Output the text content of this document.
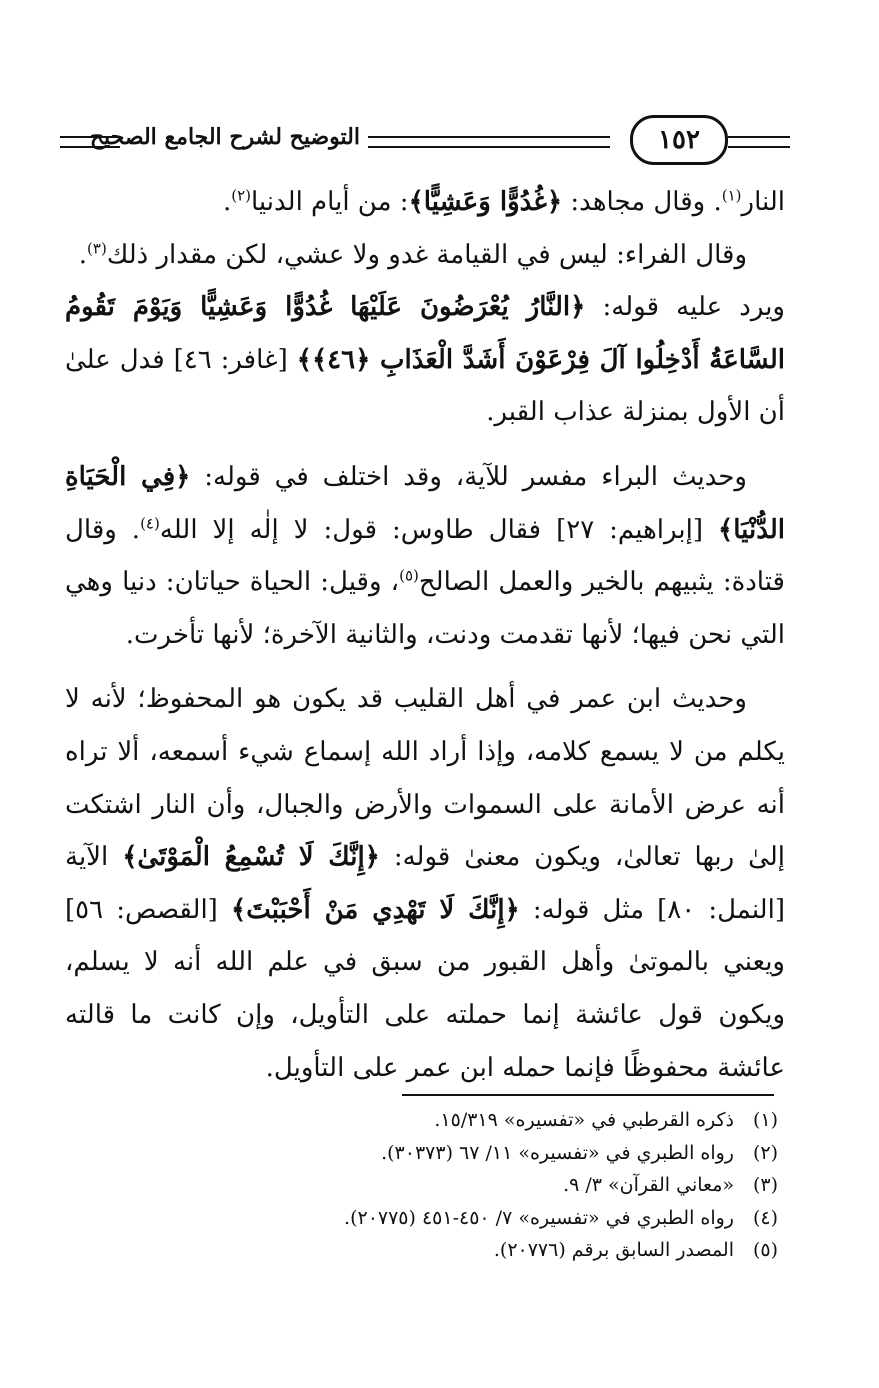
١٥٢
التوضيح لشرح الجامع الصحيح

النار$^{(١)}$. وقال مجاهد: ﴿غُدُوًّا وَعَشِيًّا﴾: من أيام الدنيا$^{(٢)}$.

وقال الفراء: ليس في القيامة غدو ولا عشي، لكن مقدار ذلك$^{(٣)}$.

ويرد عليه قوله: ﴿النَّارُ يُعْرَضُونَ عَلَيْهَا غُدُوًّا وَعَشِيًّا وَيَوْمَ تَقُومُ السَّاعَةُ أَدْخِلُوا آلَ فِرْعَوْنَ أَشَدَّ الْعَذَابِ ﴿٤٦﴾﴾ [غافر: ٤٦] فدل علىٰ أن الأول بمنزلة عذاب القبر.

وحديث البراء مفسر للآية، وقد اختلف في قوله: ﴿فِي الْحَيَاةِ الدُّنْيَا﴾ [إبراهيم: ٢٧] فقال طاوس: قول: لا إلٰه إلا الله$^{(٤)}$. وقال قتادة: يثبيهم بالخير والعمل الصالح$^{(٥)}$، وقيل: الحياة حياتان: دنيا وهي التي نحن فيها؛ لأنها تقدمت ودنت، والثانية الآخرة؛ لأنها تأخرت.

وحديث ابن عمر في أهل القليب قد يكون هو المحفوظ؛ لأنه لا يكلم من لا يسمع كلامه، وإذا أراد الله إسماع شيء أسمعه، ألا تراه أنه عرض الأمانة على السموات والأرض والجبال، وأن النار اشتكت إلىٰ ربها تعالىٰ، ويكون معنىٰ قوله: ﴿إِنَّكَ لَا تُسْمِعُ الْمَوْتَىٰ﴾ الآية [النمل: ٨٠] مثل قوله: ﴿إِنَّكَ لَا تَهْدِي مَنْ أَحْبَبْتَ﴾ [القصص: ٥٦] ويعني بالموتىٰ وأهل القبور من سبق في علم الله أنه لا يسلم، ويكون قول عائشة إنما حملته على التأويل، وإن كانت ما قالته عائشة محفوظًا فإنما حمله ابن عمر على التأويل.

(١)ذكره القرطبي في «تفسيره» ١٥/٣١٩.
(٢)رواه الطبري في «تفسيره» ١١/ ٦٧ (٣٠٣٧٣).
(٣)«معاني القرآن» ٣/ ٩.
(٤)رواه الطبري في «تفسيره» ٧/ ٤٥٠-٤٥١ (٢٠٧٧٥).
(٥)المصدر السابق برقم (٢٠٧٧٦).
